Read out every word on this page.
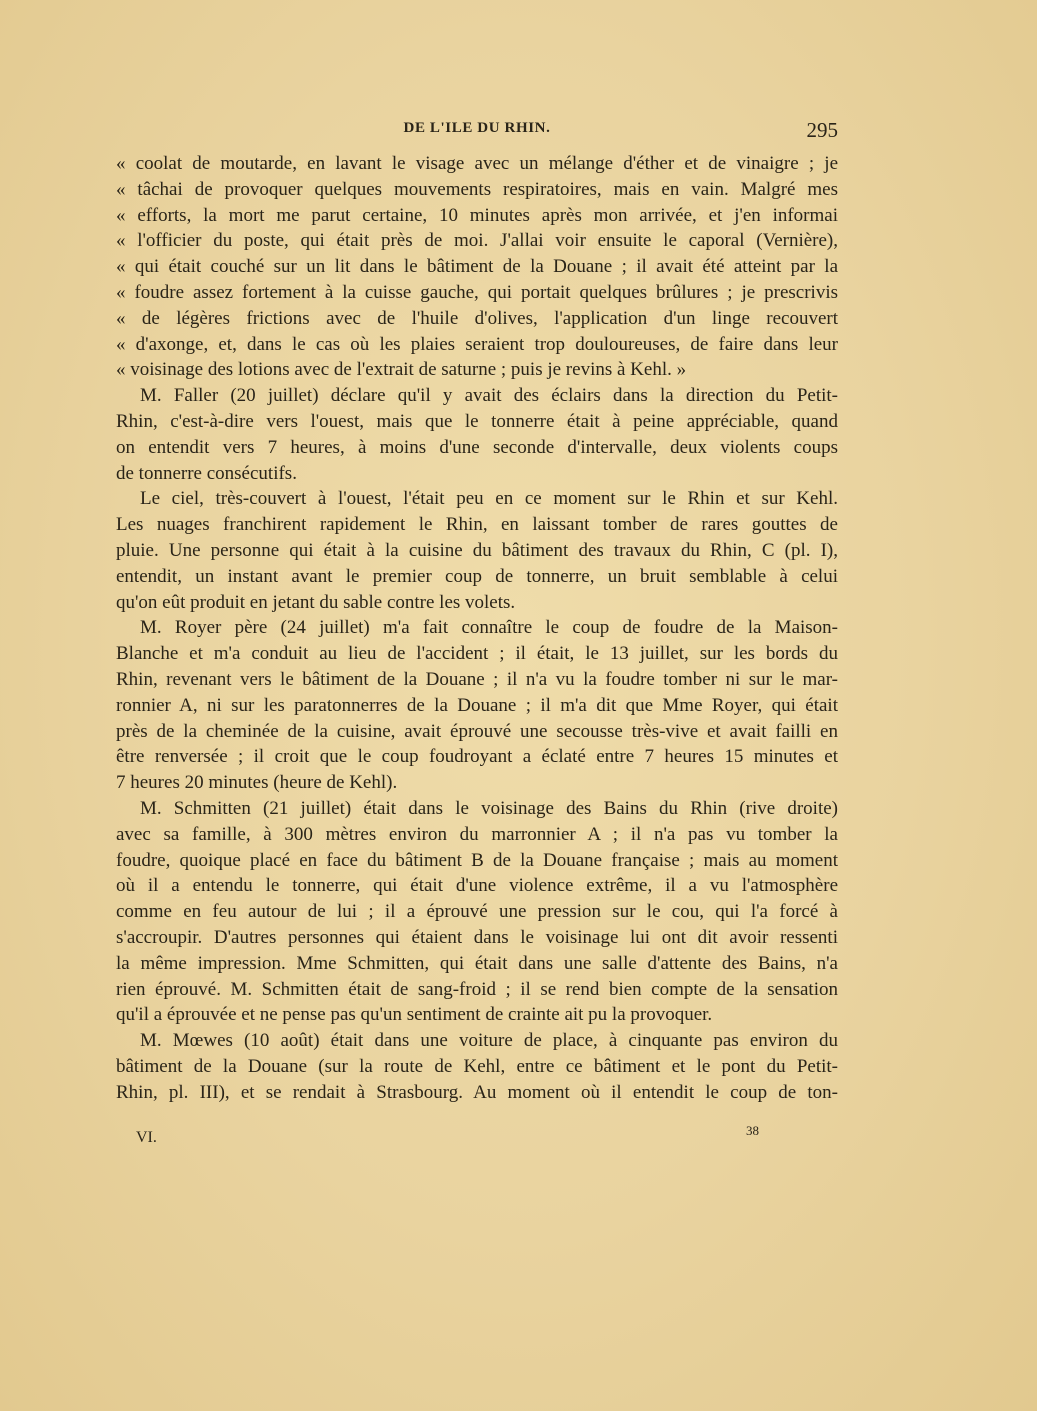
DE L'ILE DU RHIN.	295
« coolat de moutarde, en lavant le visage avec un mélange d'éther et de vinaigre ; je
« tâchai de provoquer quelques mouvements respiratoires, mais en vain. Malgré mes
« efforts, la mort me parut certaine, 10 minutes après mon arrivée, et j'en informai
« l'officier du poste, qui était près de moi. J'allai voir ensuite le caporal (Vernière),
« qui était couché sur un lit dans le bâtiment de la Douane ; il avait été atteint par la
« foudre assez fortement à la cuisse gauche, qui portait quelques brûlures ; je prescrivis
« de légères frictions avec de l'huile d'olives, l'application d'un linge recouvert
« d'axonge, et, dans le cas où les plaies seraient trop douloureuses, de faire dans leur
« voisinage des lotions avec de l'extrait de saturne ; puis je revins à Kehl. »
M. Faller (20 juillet) déclare qu'il y avait des éclairs dans la direction du Petit-
Rhin, c'est-à-dire vers l'ouest, mais que le tonnerre était à peine appréciable, quand
on entendit vers 7 heures, à moins d'une seconde d'intervalle, deux violents coups
de tonnerre consécutifs.
Le ciel, très-couvert à l'ouest, l'était peu en ce moment sur le Rhin et sur Kehl.
Les nuages franchirent rapidement le Rhin, en laissant tomber de rares gouttes de
pluie. Une personne qui était à la cuisine du bâtiment des travaux du Rhin, C (pl. I),
entendit, un instant avant le premier coup de tonnerre, un bruit semblable à celui
qu'on eût produit en jetant du sable contre les volets.
M. Royer père (24 juillet) m'a fait connaître le coup de foudre de la Maison-
Blanche et m'a conduit au lieu de l'accident ; il était, le 13 juillet, sur les bords du
Rhin, revenant vers le bâtiment de la Douane ; il n'a vu la foudre tomber ni sur le mar-
ronnier A, ni sur les paratonnerres de la Douane ; il m'a dit que Mme Royer, qui était
près de la cheminée de la cuisine, avait éprouvé une secousse très-vive et avait failli en
être renversée ; il croit que le coup foudroyant a éclaté entre 7 heures 15 minutes et
7 heures 20 minutes (heure de Kehl).
M. Schmitten (21 juillet) était dans le voisinage des Bains du Rhin (rive droite)
avec sa famille, à 300 mètres environ du marronnier A ; il n'a pas vu tomber la
foudre, quoique placé en face du bâtiment B de la Douane française ; mais au moment
où il a entendu le tonnerre, qui était d'une violence extrême, il a vu l'atmosphère
comme en feu autour de lui ; il a éprouvé une pression sur le cou, qui l'a forcé à
s'accroupir. D'autres personnes qui étaient dans le voisinage lui ont dit avoir ressenti
la même impression. Mme Schmitten, qui était dans une salle d'attente des Bains, n'a
rien éprouvé. M. Schmitten était de sang-froid ; il se rend bien compte de la sensation
qu'il a éprouvée et ne pense pas qu'un sentiment de crainte ait pu la provoquer.
M. Mœwes (10 août) était dans une voiture de place, à cinquante pas environ du
bâtiment de la Douane (sur la route de Kehl, entre ce bâtiment et le pont du Petit-
Rhin, pl. III), et se rendait à Strasbourg. Au moment où il entendit le coup de ton-
VI.	38
